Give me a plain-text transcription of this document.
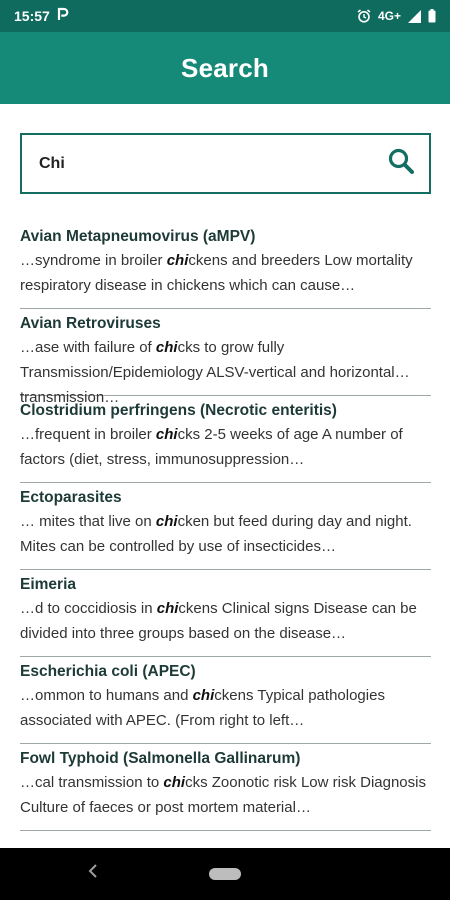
15:57	4G+
Search
Chi
Avian Metapneumovirus (aMPV)
…syndrome in broiler chickens and breeders Low mortality respiratory disease in chickens which can cause…
Avian Retroviruses
…ase with failure of chicks to grow fully Transmission/Epidemiology ALSV-vertical and horizontal transmission…
Clostridium perfringens (Necrotic enteritis)
…frequent in broiler chicks 2-5 weeks of age A number of factors (diet, stress, immunosuppression…
Ectoparasites
… mites that live on chicken but feed during day and night. Mites can be controlled by use of insecticides…
Eimeria
…d to coccidiosis in chickens Clinical signs Disease can be divided into three groups based on the disease…
Escherichia coli (APEC)
…ommon to humans and chickens Typical pathologies associated with APEC. (From right to left…
Fowl Typhoid (Salmonella Gallinarum)
…cal transmission to chicks Zoonotic risk Low risk Diagnosis Culture of faeces or post mortem material…
